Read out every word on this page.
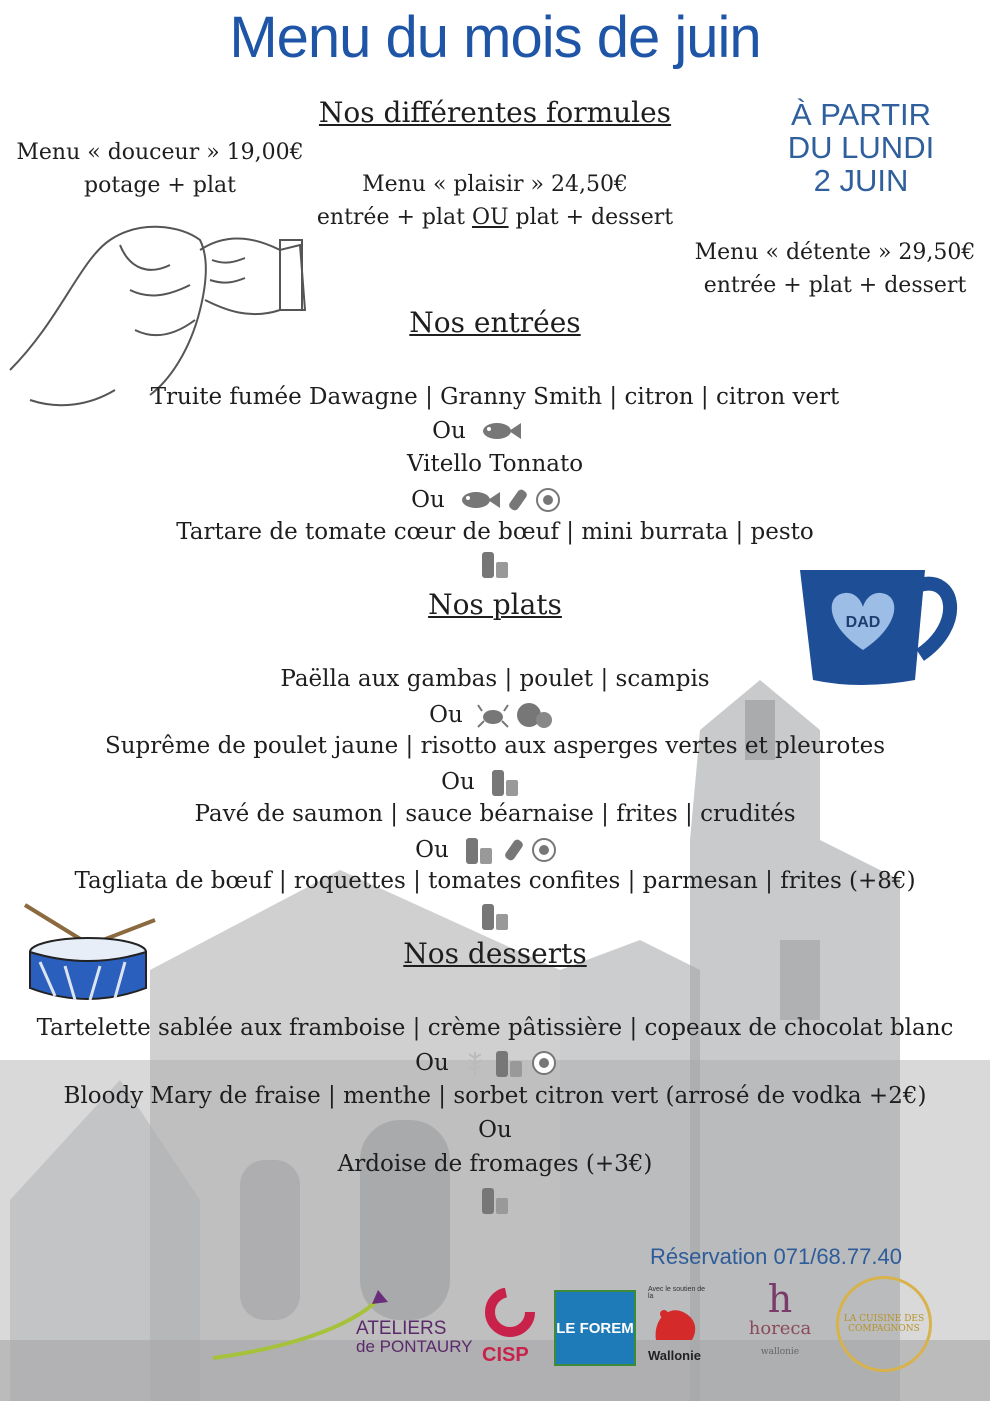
Menu du mois de juin
Nos différentes formules	À PARTIR
DU LUNDI
2 JUIN
Menu « douceur » 19,00€
potage + plat	Menu « plaisir » 24,50€
entrée + plat OU plat + dessert
Menu « détente » 29,50€
entrée + plat + dessert
DAD
Nos entrées
Truite fumée Dawagne | Granny Smith | citron | citron vert
Ou
Vitello Tonnato
Ou
Tartare de tomate cœur de bœuf | mini burrata | pesto
Nos plats
Paëlla aux gambas | poulet | scampis
Ou
Suprême de poulet jaune | risotto aux asperges vertes et pleurotes
Ou
Pavé de saumon | sauce béarnaise | frites | crudités
Ou
Tagliata de bœuf | roquettes | tomates confites | parmesan | frites (+8€)
Nos desserts
Tartelette sablée aux framboise | crème pâtissière | copeaux de chocolat blanc
Ou
Bloody Mary de fraise | menthe | sorbet citron vert (arrosé de vodka +2€)
Ou
Ardoise de fromages (+3€)
Réservation 071/68.77.40
ATELIERS
de PONTAURY CISP
LE FOREM
Avec le soutien de la
Wallonie
h
horeca
wallonie
LA CUISINE DES COMPAGNONS
